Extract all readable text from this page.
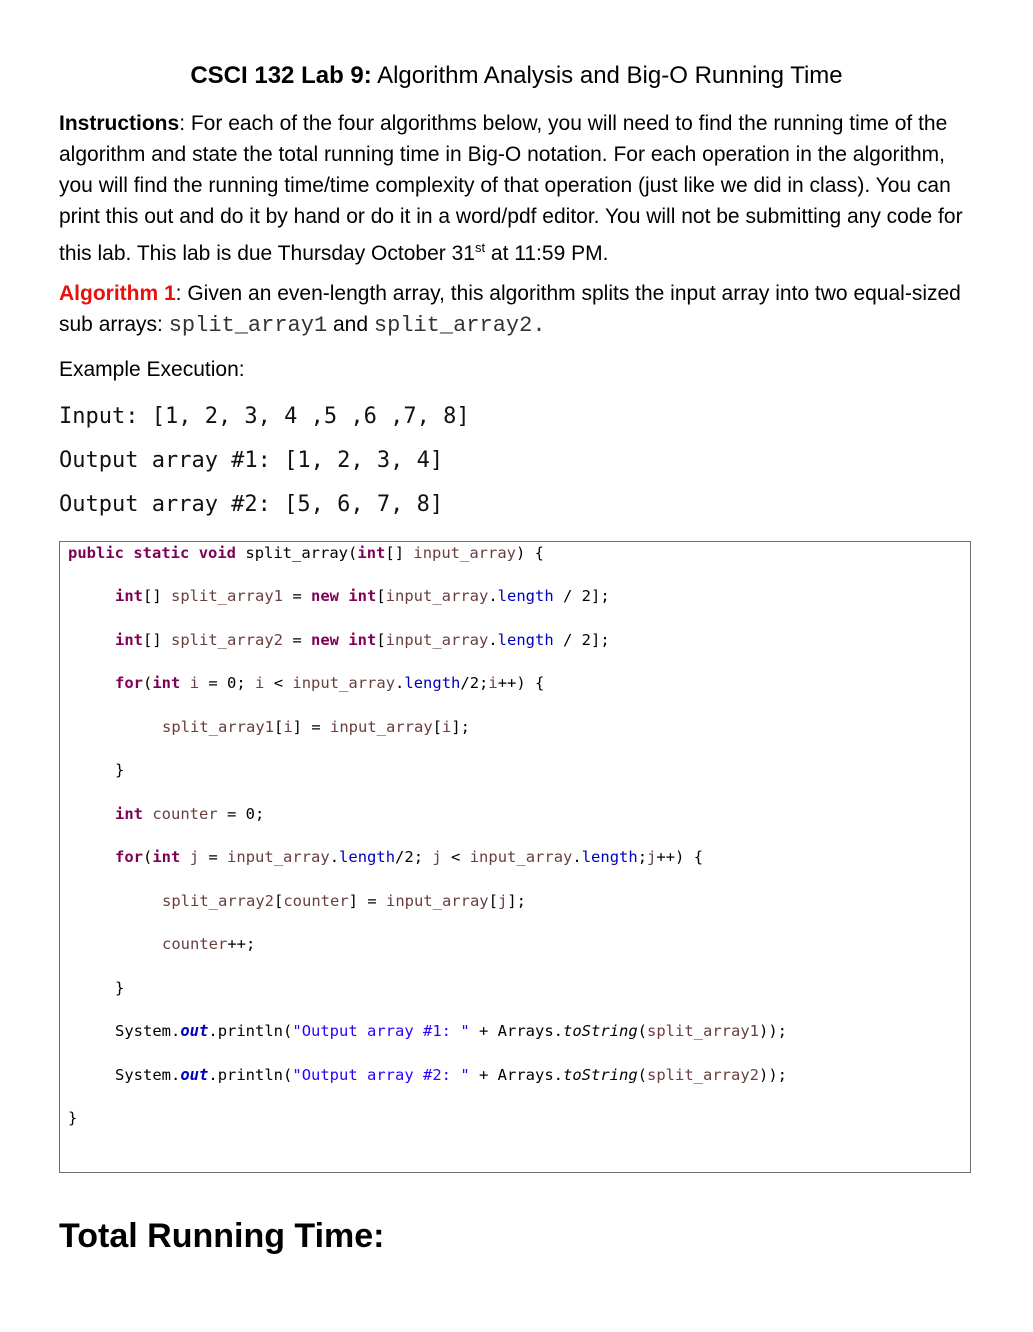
CSCI 132 Lab 9: Algorithm Analysis and Big-O Running Time
Instructions: For each of the four algorithms below, you will need to find the running time of the algorithm and state the total running time in Big-O notation. For each operation in the algorithm, you will find the running time/time complexity of that operation (just like we did in class). You can print this out and do it by hand or do it in a word/pdf editor. You will not be submitting any code for this lab. This lab is due Thursday October 31st at 11:59 PM.
Algorithm 1: Given an even-length array, this algorithm splits the input array into two equal-sized sub arrays: split_array1 and split_array2.
Example Execution:
Input: [1, 2, 3, 4 ,5 ,6 ,7, 8]
Output array #1: [1, 2, 3, 4]
Output array #2: [5, 6, 7, 8]
public static void split_array(int[] input_array) {
int[] split_array1 = new int[input_array.length / 2];
int[] split_array2 = new int[input_array.length / 2];
for(int i = 0; i < input_array.length/2;i++) {
split_array1[i] = input_array[i];
}
int counter = 0;
for(int j = input_array.length/2; j < input_array.length;j++) {
split_array2[counter] = input_array[j];
counter++;
}
System.out.println("Output array #1: " + Arrays.toString(split_array1));
System.out.println("Output array #2: " + Arrays.toString(split_array2));
}
Total Running Time:
